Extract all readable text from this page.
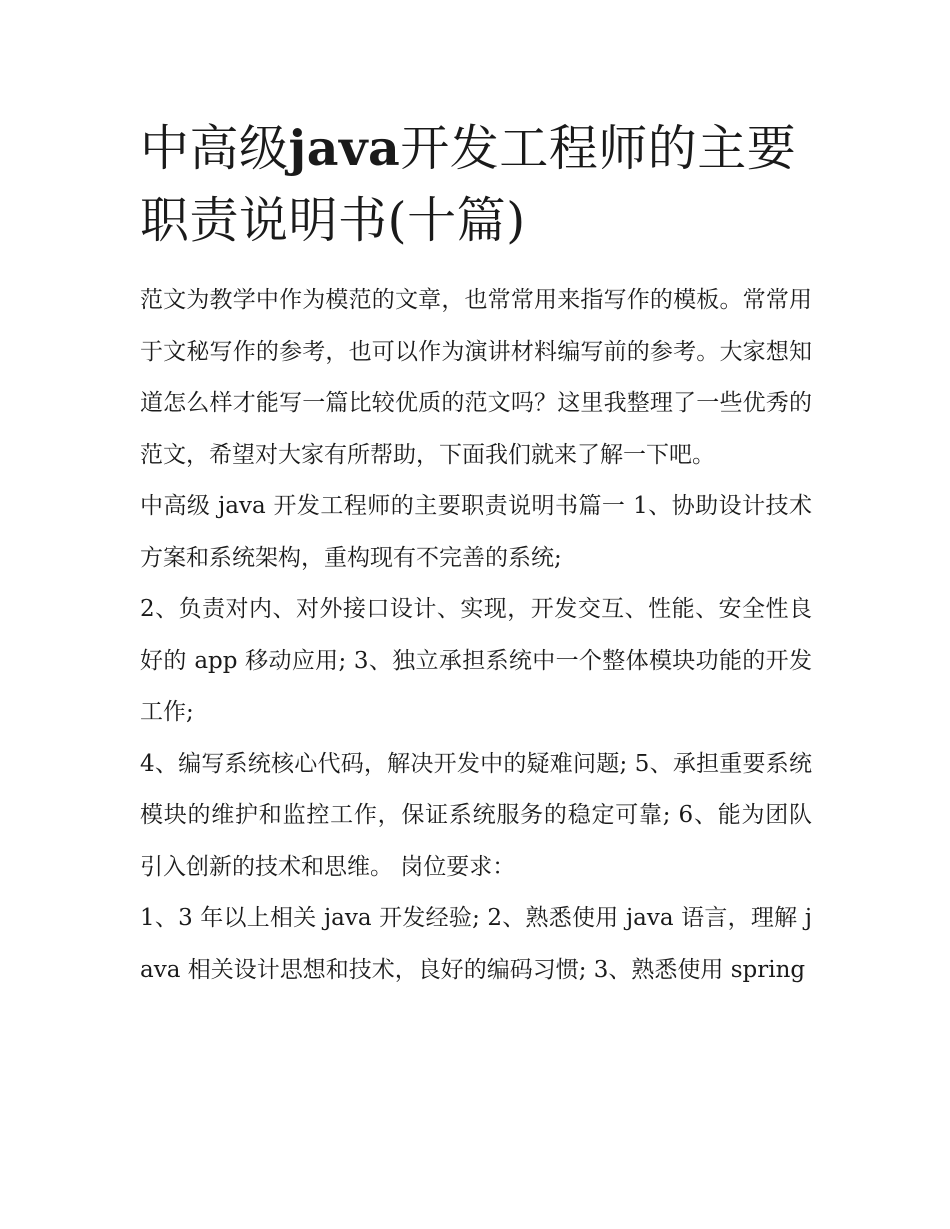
中高级java开发工程师的主要职责说明书(十篇)

范文为教学中作为模范的文章，也常常用来指写作的模板。常常用于文秘写作的参考，也可以作为演讲材料编写前的参考。大家想知道怎么样才能写一篇比较优质的范文吗？这里我整理了一些优秀的范文，希望对大家有所帮助，下面我们就来了解一下吧。

中高级 java 开发工程师的主要职责说明书篇一 1、协助设计技术方案和系统架构，重构现有不完善的系统;

2、负责对内、对外接口设计、实现，开发交互、性能、安全性良好的 app 移动应用; 3、独立承担系统中一个整体模块功能的开发工作;

4、编写系统核心代码，解决开发中的疑难问题; 5、承担重要系统模块的维护和监控工作，保证系统服务的稳定可靠; 6、能为团队引入创新的技术和思维。 岗位要求：

1、3 年以上相关 java 开发经验; 2、熟悉使用 java 语言，理解 java 相关设计思想和技术，良好的编码习惯; 3、熟悉使用 spring
